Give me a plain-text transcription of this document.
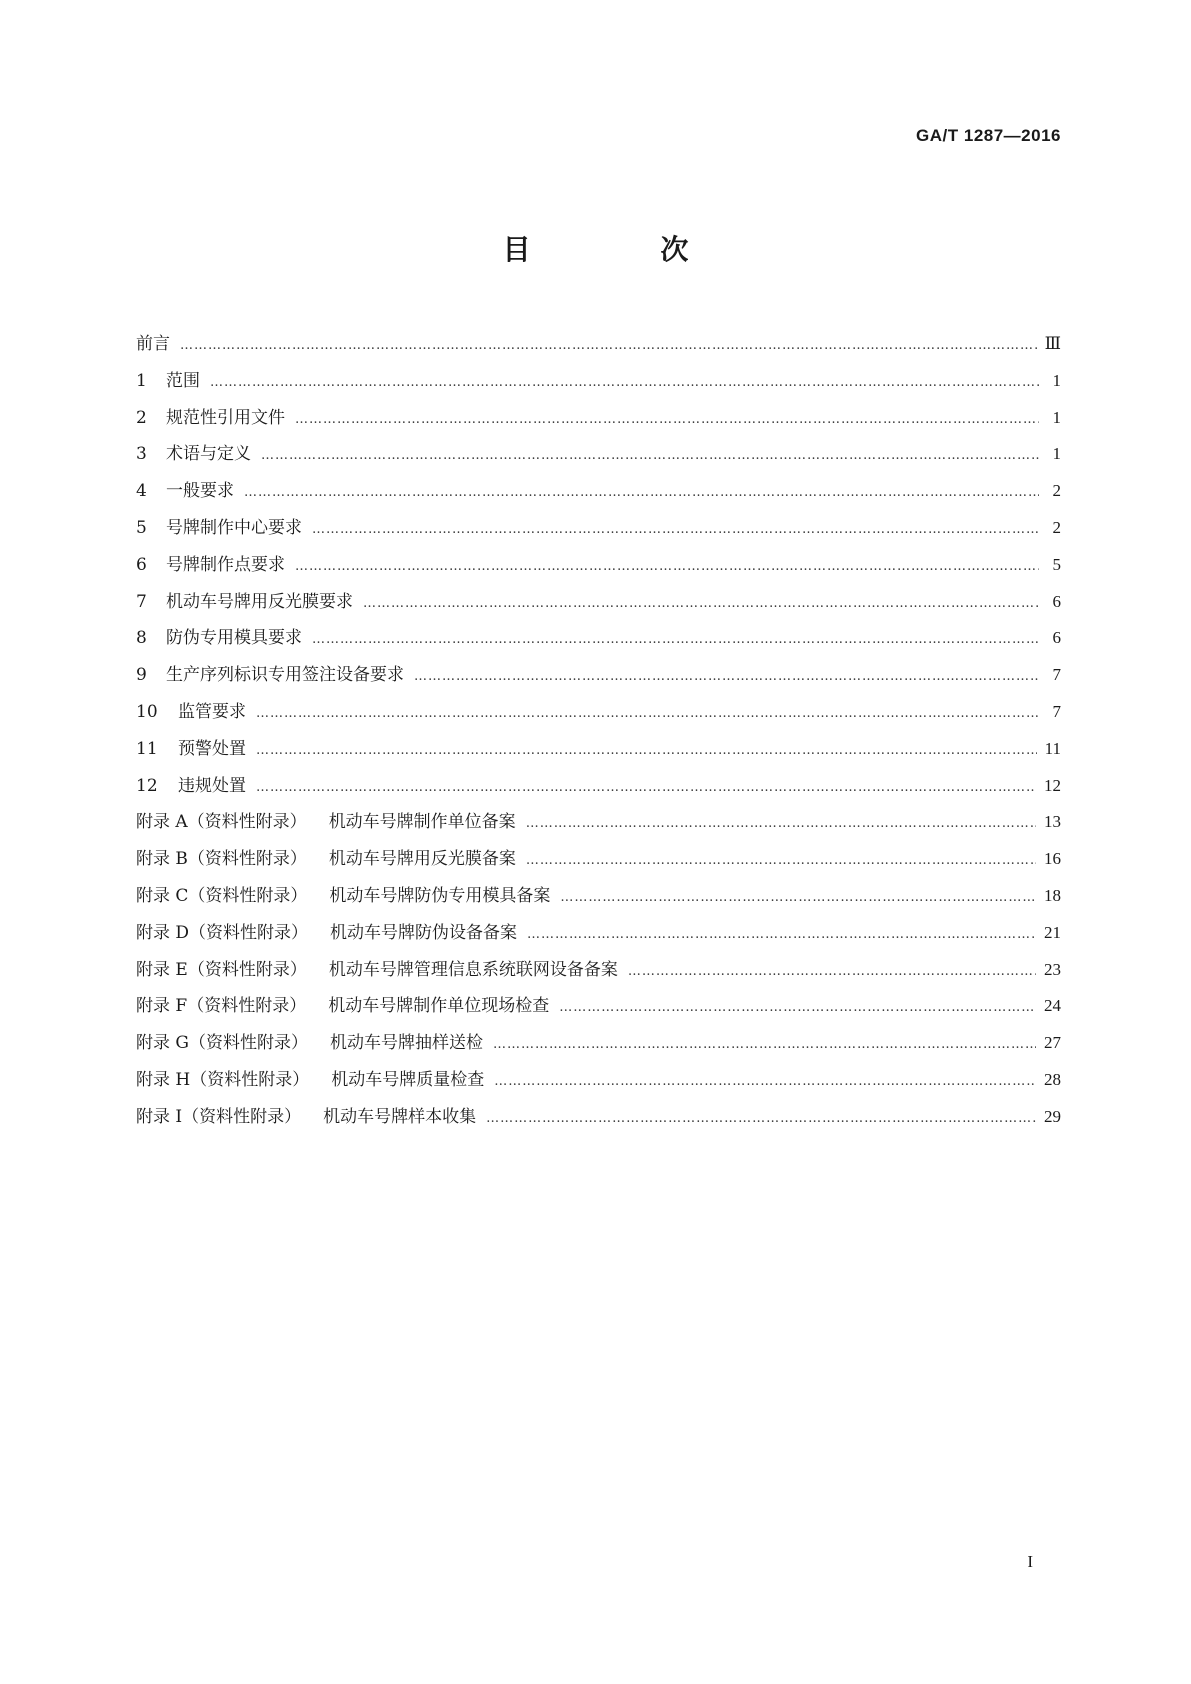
GA/T 1287—2016
目 次
前言 ……………………………………………………………………………………………………………………………………………………………………………………………………………………………………	Ⅲ
1	范围 ……………………………………………………………………………………………………………………………………………………………………………………………………………………………………	1
2	规范性引用文件 ……………………………………………………………………………………………………………………………………………………………………………………………………………………………………	1
3	术语与定义 ……………………………………………………………………………………………………………………………………………………………………………………………………………………………………	1
4	一般要求 ……………………………………………………………………………………………………………………………………………………………………………………………………………………………………	2
5	号牌制作中心要求 ……………………………………………………………………………………………………………………………………………………………………………………………………………………………………	2
6	号牌制作点要求 ……………………………………………………………………………………………………………………………………………………………………………………………………………………………………	5
7	机动车号牌用反光膜要求 ……………………………………………………………………………………………………………………………………………………………………………………………………………………………………	6
8	防伪专用模具要求 ……………………………………………………………………………………………………………………………………………………………………………………………………………………………………	6
9	生产序列标识专用签注设备要求 ……………………………………………………………………………………………………………………………………………………………………………………………………………………………………	7
10	监管要求 ……………………………………………………………………………………………………………………………………………………………………………………………………………………………………	7
11	预警处置 ……………………………………………………………………………………………………………………………………………………………………………………………………………………………………	11
12	违规处置 ……………………………………………………………………………………………………………………………………………………………………………………………………………………………………	12
附录 A（资料性附录） 机动车号牌制作单位备案 ……………………………………………………………………………………………………………………………………………………………………………………………………………………………………	13
附录 B（资料性附录） 机动车号牌用反光膜备案 ……………………………………………………………………………………………………………………………………………………………………………………………………………………………………	16
附录 C（资料性附录） 机动车号牌防伪专用模具备案 ……………………………………………………………………………………………………………………………………………………………………………………………………………………………………	18
附录 D（资料性附录） 机动车号牌防伪设备备案 ……………………………………………………………………………………………………………………………………………………………………………………………………………………………………	21
附录 E（资料性附录） 机动车号牌管理信息系统联网设备备案 ……………………………………………………………………………………………………………………………………………………………………………………………………………………………………	23
附录 F（资料性附录） 机动车号牌制作单位现场检查 ……………………………………………………………………………………………………………………………………………………………………………………………………………………………………	24
附录 G（资料性附录） 机动车号牌抽样送检 ……………………………………………………………………………………………………………………………………………………………………………………………………………………………………	27
附录 H（资料性附录） 机动车号牌质量检查 ……………………………………………………………………………………………………………………………………………………………………………………………………………………………………	28
附录 I（资料性附录） 机动车号牌样本收集 ……………………………………………………………………………………………………………………………………………………………………………………………………………………………………	29
I
